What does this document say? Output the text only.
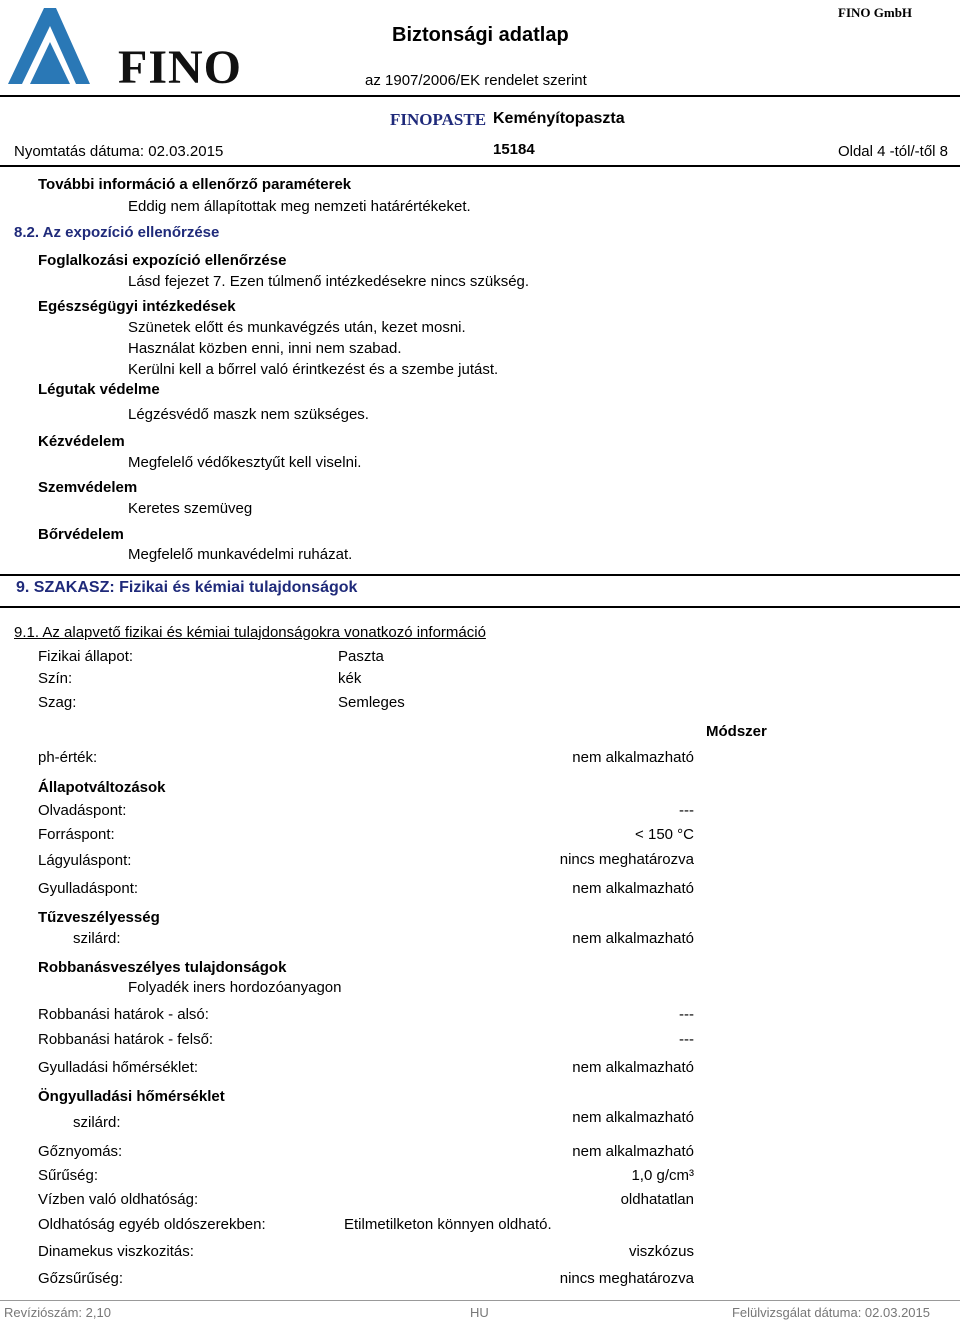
FINO
Biztonsági adatlap
FINO GmbH
az 1907/2006/EK rendelet szerint
FINOPASTE Keményítopaszta
Nyomtatás dátuma: 02.03.2015	15184	Oldal 4 -tól/-től 8
További információ a ellenőrző paraméterek
Eddig nem állapítottak meg nemzeti határértékeket.
8.2. Az expozíció ellenőrzése
Foglalkozási expozíció ellenőrzése
Lásd fejezet 7. Ezen túlmenő intézkedésekre nincs szükség.
Egészségügyi intézkedések
Szünetek előtt és munkavégzés után, kezet mosni.
Használat közben enni, inni nem szabad.
Kerülni kell a bőrrel való érintkezést és a szembe jutást.
Légutak védelme
Légzésvédő maszk nem szükséges.
Kézvédelem
Megfelelő védőkesztyűt kell viselni.
Szemvédelem
Keretes szemüveg
Bőrvédelem
Megfelelő munkavédelmi ruházat.
9. SZAKASZ: Fizikai és kémiai tulajdonságok
9.1. Az alapvető fizikai és kémiai tulajdonságokra vonatkozó információ
Fizikai állapot:	Paszta
Szín:	kék
Szag:	Semleges
Módszer
ph-érték:	nem alkalmazható
Állapotváltozások
Olvadáspont:	---
Forráspont:	< 150 °C
Lágyuláspont:	nincs meghatározva
Gyulladáspont:	nem alkalmazható
Tűzveszélyesség
szilárd:	nem alkalmazható
Robbanásveszélyes tulajdonságok
Folyadék iners hordozóanyagon
Robbanási határok - alsó:	---
Robbanási határok - felső:	---
Gyulladási hőmérséklet:	nem alkalmazható
Öngyulladási hőmérséklet
szilárd:	nem alkalmazható
Gőznyomás:	nem alkalmazható
Sűrűség:	1,0 g/cm³
Vízben való oldhatóság:	oldhatatlan
Oldhatóság egyéb oldószerekben:	Etilmetilketon könnyen oldható.
Dinamekus viszkozitás:	viszkózus
Gőzsűrűség:	nincs meghatározva
Revíziószám: 2,10	HU	Felülvizsgálat dátuma: 02.03.2015
